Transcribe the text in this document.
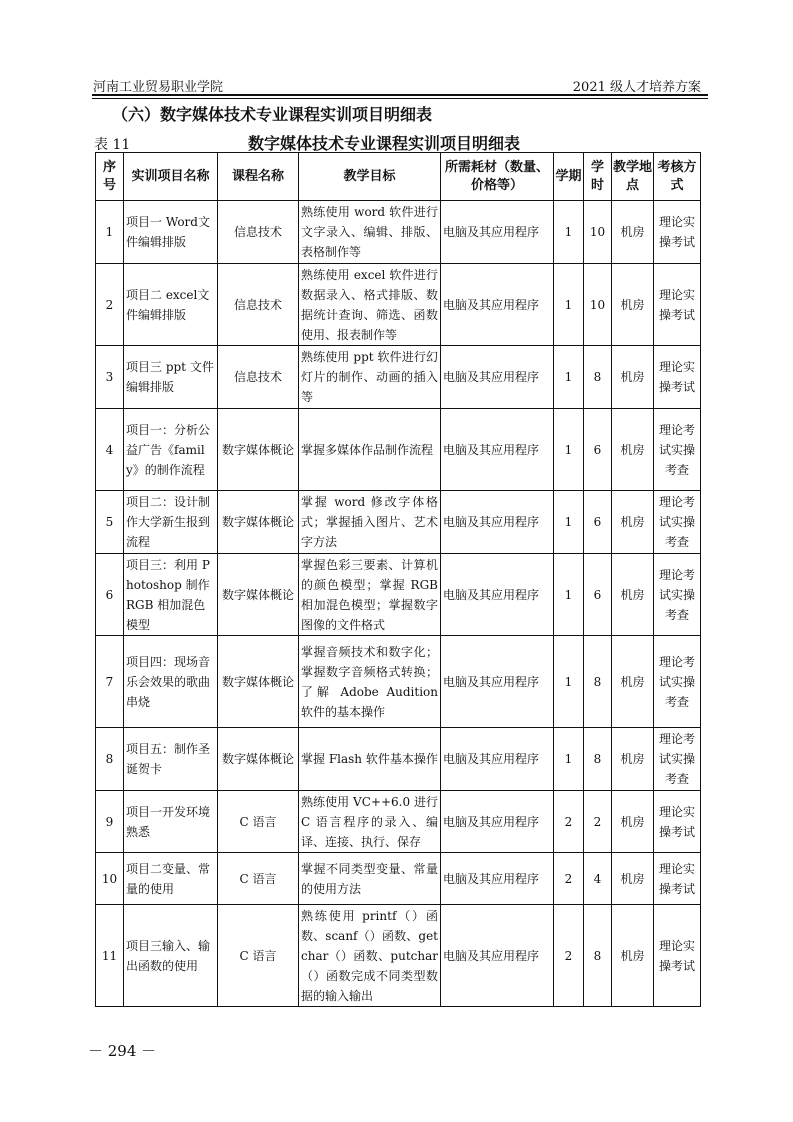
河南工业贸易职业学院	2021 级人才培养方案
（六）数字媒体技术专业课程实训项目明细表
表 11	数字媒体技术专业课程实训项目明细表
序号	实训项目名称	课程名称	教学目标	所需耗材（数量、价格等）	学期	学时	教学地点	考核方式
1	项目一 Word文件编辑排版	信息技术	熟练使用 word 软件进行文字录入、编辑、排版、表格制作等	电脑及其应用程序	1	10	机房	理论实操考试
2	项目二 excel文件编辑排版	信息技术	熟练使用 excel 软件进行数据录入、格式排版、数据统计查询、筛选、函数使用、报表制作等	电脑及其应用程序	1	10	机房	理论实操考试
3	项目三 ppt 文件编辑排版	信息技术	熟练使用 ppt 软件进行幻灯片的制作、动画的插入等	电脑及其应用程序	1	8	机房	理论实操考试
4	项目一：分析公益广告《family》的制作流程	数字媒体概论	掌握多媒体作品制作流程	电脑及其应用程序	1	6	机房	理论考试实操考查
5	项目二：设计制作大学新生报到流程	数字媒体概论	掌握 word 修改字体格式；掌握插入图片、艺术字方法	电脑及其应用程序	1	6	机房	理论考试实操考查
6	项目三：利用 Photoshop 制作 RGB 相加混色模型	数字媒体概论	掌握色彩三要素、计算机的颜色模型；掌握 RGB 相加混色模型；掌握数字图像的文件格式	电脑及其应用程序	1	6	机房	理论考试实操考查
7	项目四：现场音乐会效果的歌曲串烧	数字媒体概论	掌握音频技术和数字化；掌握数字音频格式转换；了解 Adobe Audition 软件的基本操作	电脑及其应用程序	1	8	机房	理论考试实操考查
8	项目五：制作圣诞贺卡	数字媒体概论	掌握 Flash 软件基本操作	电脑及其应用程序	1	8	机房	理论考试实操考查
9	项目一开发环境熟悉	C 语言	熟练使用 VC++6.0 进行 C 语言程序的录入、编译、连接、执行、保存	电脑及其应用程序	2	2	机房	理论实操考试
10	项目二变量、常量的使用	C 语言	掌握不同类型变量、常量的使用方法	电脑及其应用程序	2	4	机房	理论实操考试
11	项目三输入、输出函数的使用	C 语言	熟练使用 printf（）函数、scanf（）函数、getchar（）函数、putchar（）函数完成不同类型数据的输入输出	电脑及其应用程序	2	8	机房	理论实操考试
－ 294 －
